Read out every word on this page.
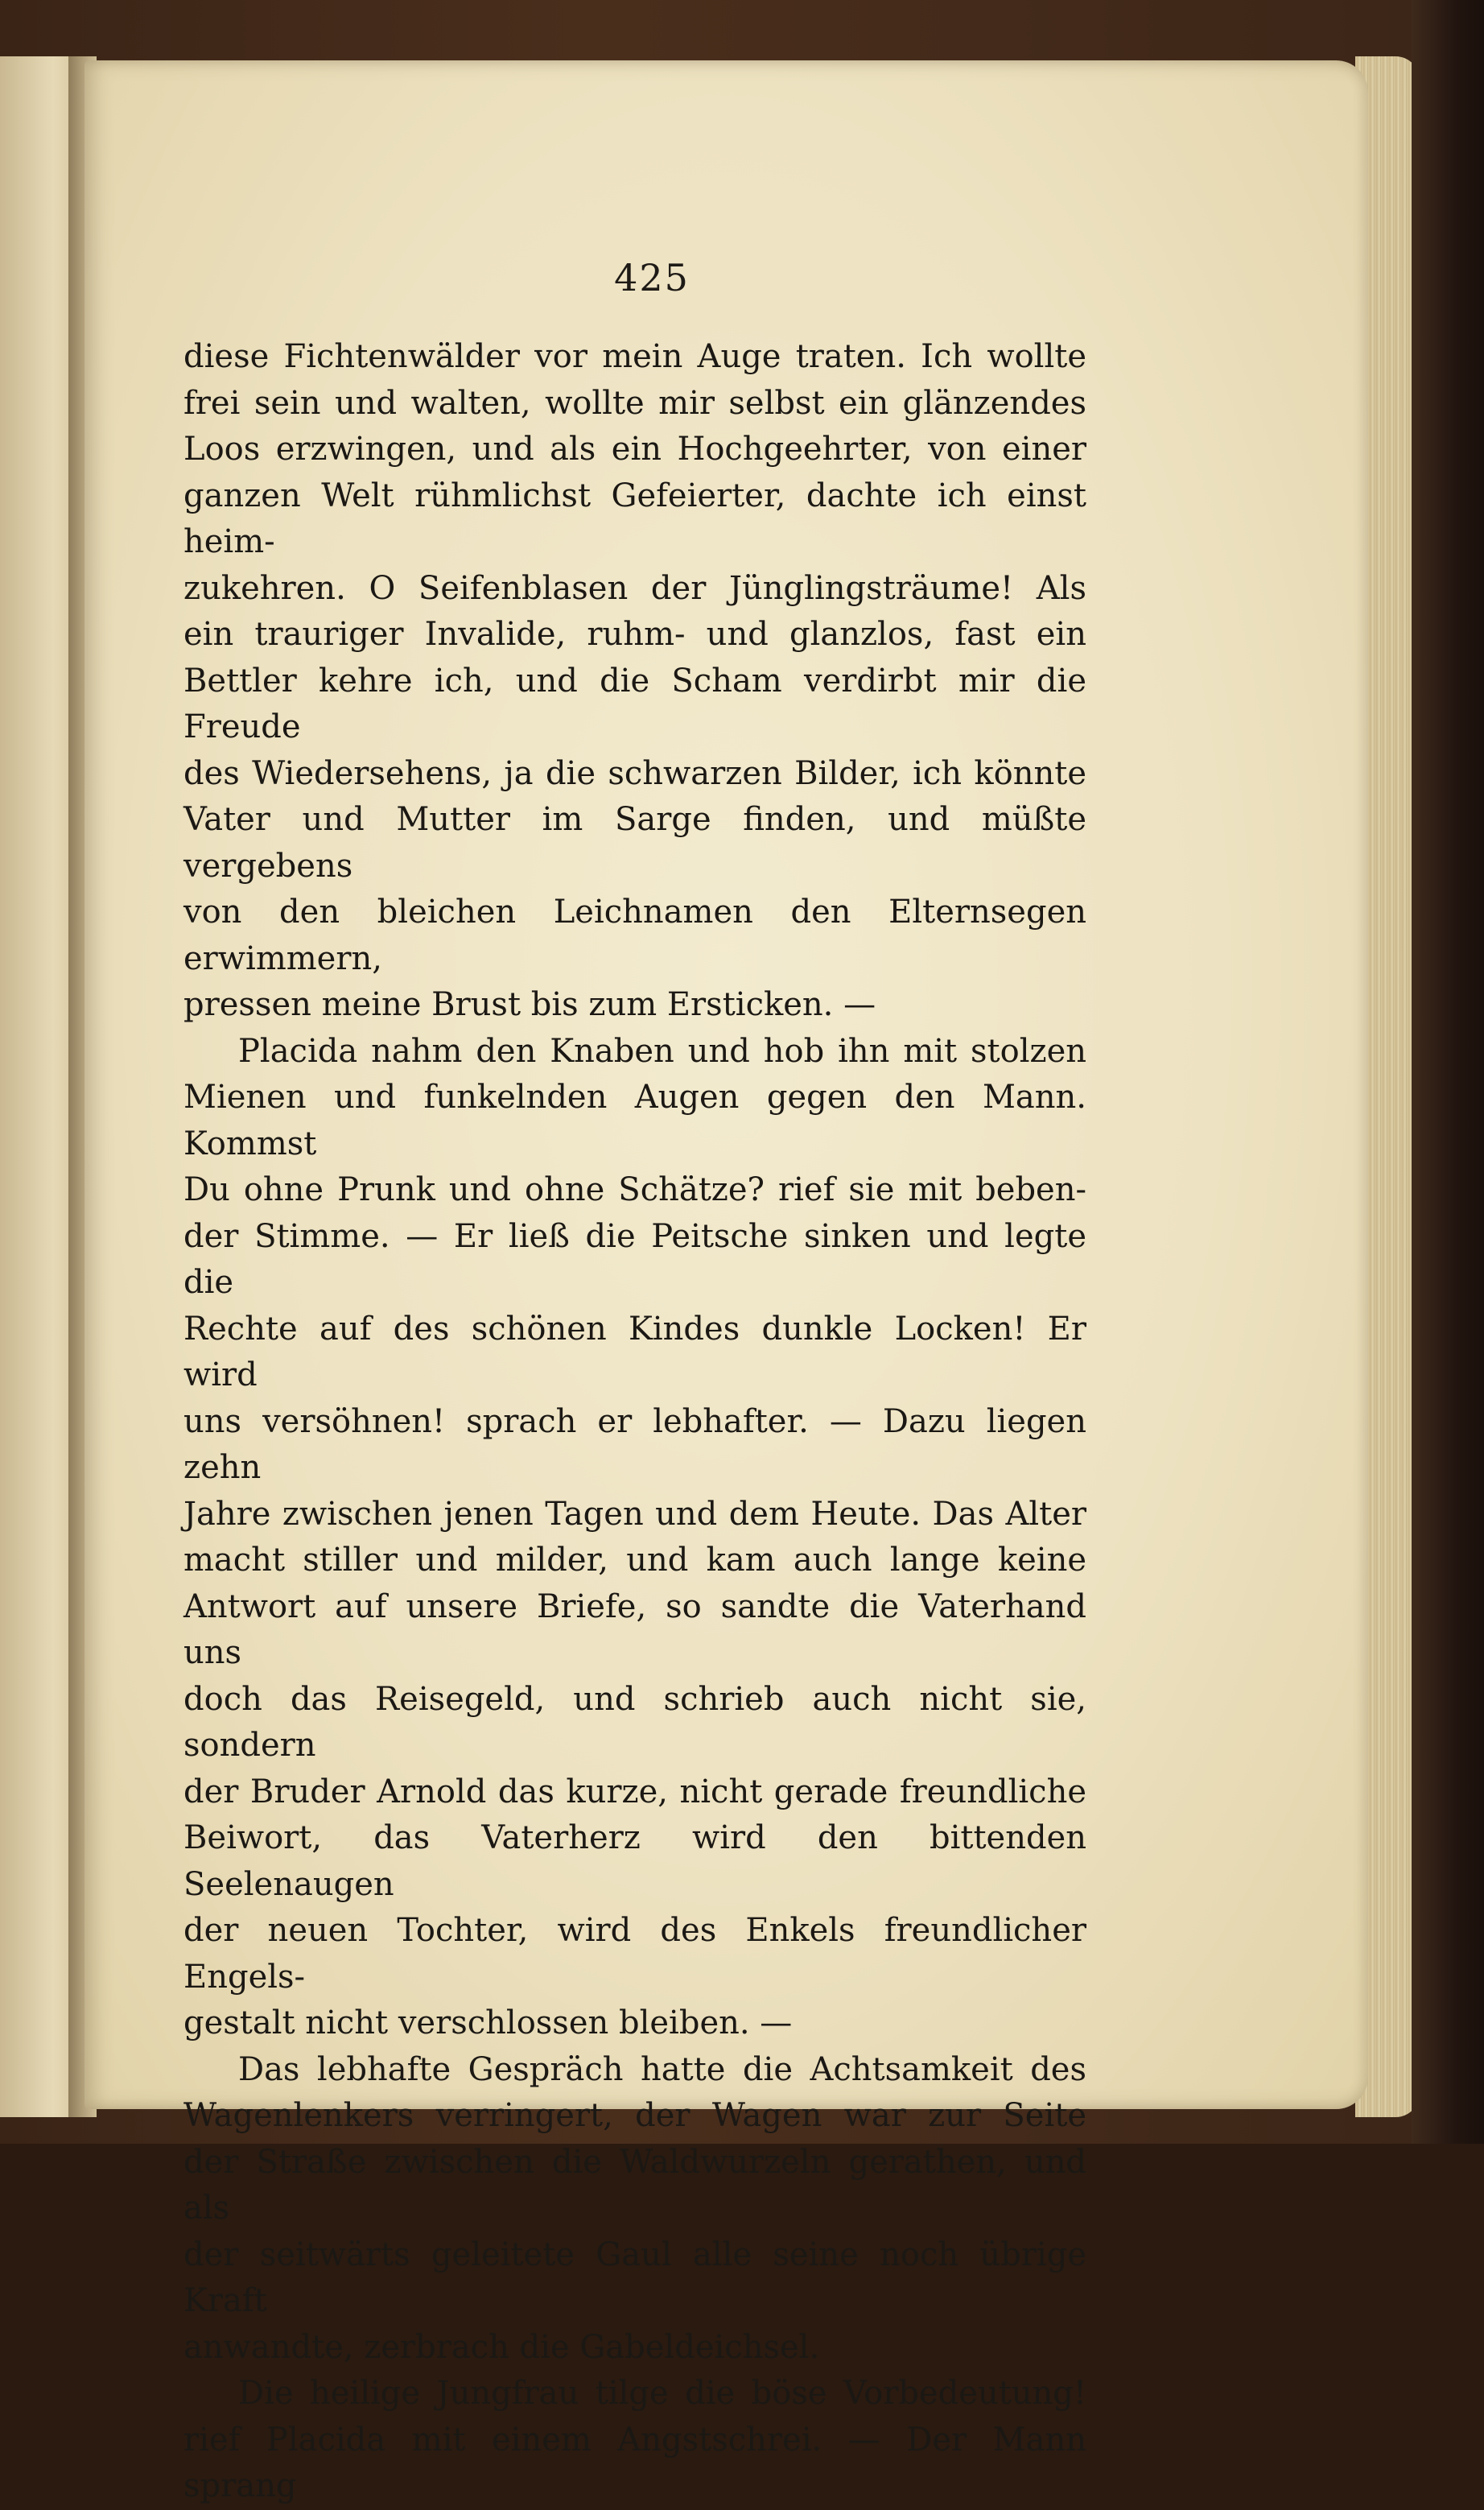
425

diese Fichtenwälder vor mein Auge traten. Ich wollte

frei sein und walten, wollte mir selbst ein glänzendes

Loos erzwingen, und als ein Hochgeehrter, von einer

ganzen Welt rühmlichst Gefeierter, dachte ich einst heim-

zukehren. O Seifenblasen der Jünglingsträume! Als

ein trauriger Invalide, ruhm- und glanzlos, fast ein

Bettler kehre ich, und die Scham verdirbt mir die Freude

des Wiedersehens, ja die schwarzen Bilder, ich könnte

Vater und Mutter im Sarge finden, und müßte vergebens

von den bleichen Leichnamen den Elternsegen erwimmern,

pressen meine Brust bis zum Ersticken. —

Placida nahm den Knaben und hob ihn mit stolzen

Mienen und funkelnden Augen gegen den Mann. Kommst

Du ohne Prunk und ohne Schätze? rief sie mit beben-

der Stimme. — Er ließ die Peitsche sinken und legte die

Rechte auf des schönen Kindes dunkle Locken! Er wird

uns versöhnen! sprach er lebhafter. — Dazu liegen zehn

Jahre zwischen jenen Tagen und dem Heute. Das Alter

macht stiller und milder, und kam auch lange keine

Antwort auf unsere Briefe, so sandte die Vaterhand uns

doch das Reisegeld, und schrieb auch nicht sie, sondern

der Bruder Arnold das kurze, nicht gerade freundliche

Beiwort, das Vaterherz wird den bittenden Seelenaugen

der neuen Tochter, wird des Enkels freundlicher Engels-

gestalt nicht verschlossen bleiben. —

Das lebhafte Gespräch hatte die Achtsamkeit des

Wagenlenkers verringert, der Wagen war zur Seite

der Straße zwischen die Waldwurzeln gerathen, und als

der seitwärts geleitete Gaul alle seine noch übrige Kraft

anwandte, zerbrach die Gabeldeichsel.

Die heilige Jungfrau tilge die böse Vorbedeutung!

rief Placida mit einem Angstschrei. — Der Mann sprang
